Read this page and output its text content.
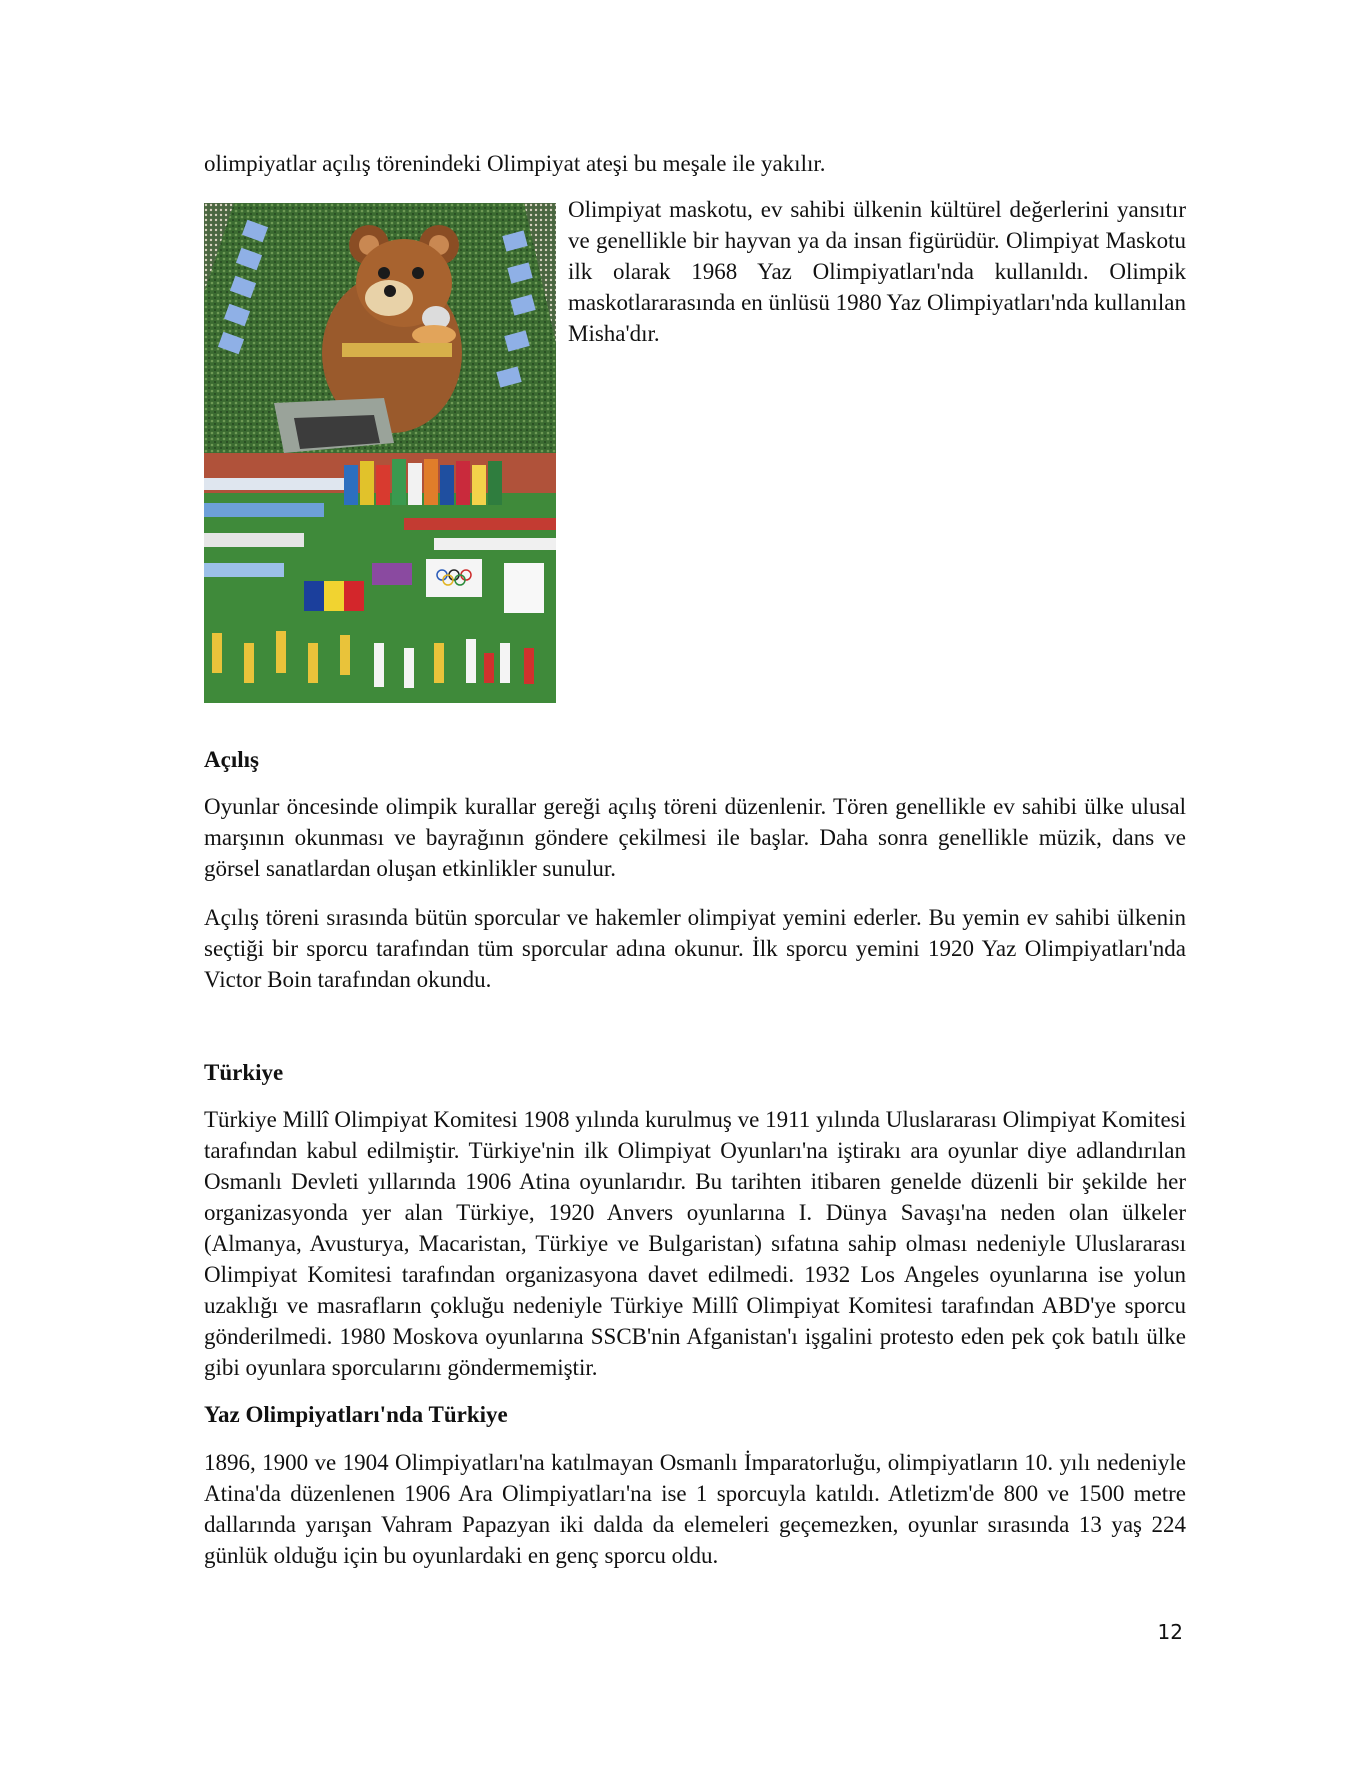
olimpiyatlar açılış törenindeki Olimpiyat ateşi bu meşale ile yakılır.

Olimpiyat maskotu, ev sahibi ülkenin kültürel değerlerini yansıtır ve genellikle bir hayvan ya da insan figürüdür. Olimpiyat Maskotu ilk olarak 1968 Yaz Olimpiyatları'nda kullanıldı. Olimpik maskotlararasında en ünlüsü 1980 Yaz Olimpiyatları'nda kullanılan Misha'dır.

Açılış

Oyunlar öncesinde olimpik kurallar gereği açılış töreni düzenlenir. Tören genellikle ev sahibi ülke ulusal marşının okunması ve bayrağının göndere çekilmesi ile başlar. Daha sonra genellikle müzik, dans ve görsel sanatlardan oluşan etkinlikler sunulur.

Açılış töreni sırasında bütün sporcular ve hakemler olimpiyat yemini ederler. Bu yemin ev sahibi ülkenin seçtiği bir sporcu tarafından tüm sporcular adına okunur. İlk sporcu yemini 1920 Yaz Olimpiyatları'nda Victor Boin tarafından okundu.

Türkiye

Türkiye Millî Olimpiyat Komitesi 1908 yılında kurulmuş ve 1911 yılında Uluslararası Olimpiyat Komitesi tarafından kabul edilmiştir. Türkiye'nin ilk Olimpiyat Oyunları'na iştirakı ara oyunlar diye adlandırılan Osmanlı Devleti yıllarında 1906 Atina oyunlarıdır. Bu tarihten itibaren genelde düzenli bir şekilde her organizasyonda yer alan Türkiye, 1920 Anvers oyunlarına I. Dünya Savaşı'na neden olan ülkeler (Almanya, Avusturya, Macaristan, Türkiye ve Bulgaristan) sıfatına sahip olması nedeniyle Uluslararası Olimpiyat Komitesi tarafından organizasyona davet edilmedi. 1932 Los Angeles oyunlarına ise yolun uzaklığı ve masrafların çokluğu nedeniyle Türkiye Millî Olimpiyat Komitesi tarafından ABD'ye sporcu gönderilmedi. 1980 Moskova oyunlarına SSCB'nin Afganistan'ı işgalini protesto eden pek çok batılı ülke gibi oyunlara sporcularını göndermemiştir.

Yaz Olimpiyatları'nda Türkiye

1896, 1900 ve 1904 Olimpiyatları'na katılmayan Osmanlı İmparatorluğu, olimpiyatların 10. yılı nedeniyle Atina'da düzenlenen 1906 Ara Olimpiyatları'na ise 1 sporcuyla katıldı. Atletizm'de 800 ve 1500 metre dallarında yarışan Vahram Papazyan iki dalda da elemeleri geçemezken, oyunlar sırasında 13 yaş 224 günlük olduğu için bu oyunlardaki en genç sporcu oldu.

12
